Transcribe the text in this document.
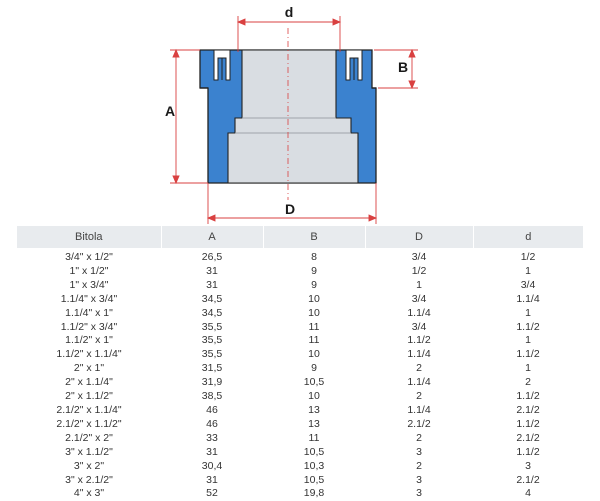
d
B
A
D
Bitola	A	B	D	d
3/4" x 1/2"	26,5	8	3/4	1/2
1" x 1/2"	31	9	1/2	1
1" x 3/4"	31	9	1	3/4
1.1/4" x 3/4"	34,5	10	3/4	1.1/4
1.1/4" x 1"	34,5	10	1.1/4	1
1.1/2" x 3/4"	35,5	11	3/4	1.1/2
1.1/2" x 1"	35,5	11	1.1/2	1
1.1/2" x 1.1/4"	35,5	10	1.1/4	1.1/2
2" x 1"	31,5	9	2	1
2" x 1.1/4"	31,9	10,5	1.1/4	2
2" x 1.1/2"	38,5	10	2	1.1/2
2.1/2" x 1.1/4"	46	13	1.1/4	2.1/2
2.1/2" x 1.1/2"	46	13	2.1/2	1.1/2
2.1/2" x 2"	33	11	2	2.1/2
3" x 1.1/2"	31	10,5	3	1.1/2
3" x 2"	30,4	10,3	2	3
3" x 2.1/2"	31	10,5	3	2.1/2
4" x 3"	52	19,8	3	4
